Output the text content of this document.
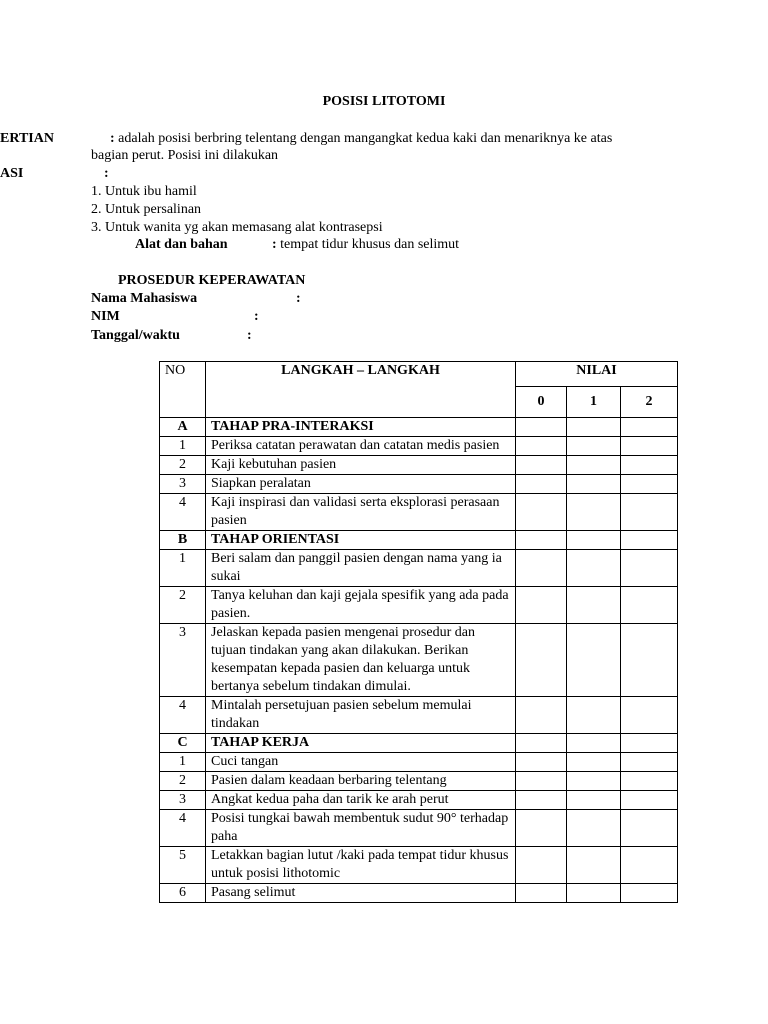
POSISI LITOTOMI
ERTIAN	: adalah posisi berbring telentang dengan mangangkat kedua kaki dan menariknya ke atas
bagian perut. Posisi ini dilakukan
ASI	:
1. Untuk ibu hamil
2. Untuk persalinan
3. Untuk wanita yg akan memasang alat kontrasepsi
Alat dan bahan	: tempat tidur khusus dan selimut
PROSEDUR KEPERAWATAN
Nama Mahasiswa	:
NIM	:
Tanggal/waktu	:
NO	LANGKAH – LANGKAH	NILAI		
		0	1	2
A	TAHAP PRA-INTERAKSI			
1	Periksa catatan perawatan dan catatan medis pasien			
2	Kaji kebutuhan pasien			
3	Siapkan peralatan			
4	Kaji inspirasi dan validasi serta eksplorasi perasaan pasien			
B	TAHAP ORIENTASI			
1	Beri salam dan panggil pasien dengan nama yang ia sukai			
2	Tanya keluhan dan kaji gejala spesifik yang ada pada pasien.			
3	Jelaskan kepada pasien mengenai prosedur dan tujuan tindakan yang akan dilakukan. Berikan kesempatan kepada pasien dan keluarga untuk bertanya sebelum tindakan dimulai.			
4	Mintalah persetujuan pasien sebelum memulai tindakan			
C	TAHAP KERJA			
1	Cuci tangan			
2	Pasien dalam keadaan berbaring telentang			
3	Angkat kedua paha dan tarik ke arah perut			
4	Posisi tungkai bawah membentuk sudut 90° terhadap paha			
5	Letakkan bagian lutut /kaki pada tempat tidur khusus untuk posisi lithotomic			
6	Pasang selimut			
